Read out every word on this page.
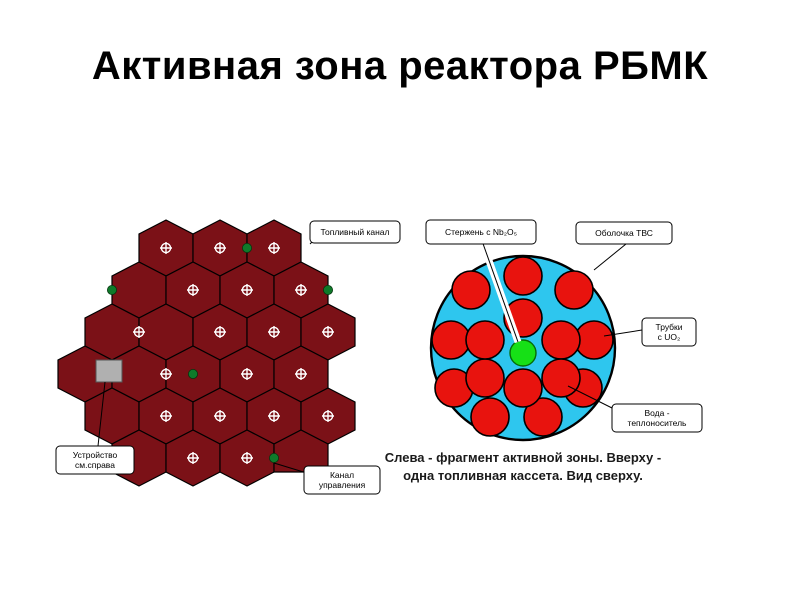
Активная зона реактора РБМК
Топливный канал
Устройство
см.справа
Канал
управления
Стержень с Nb₂O₅	Оболочка ТВС
Трубки
с UO₂
Вода -
теплоноситель
Слева - фрагмент активной зоны. Вверху -
одна топливная кассета. Вид сверху.
